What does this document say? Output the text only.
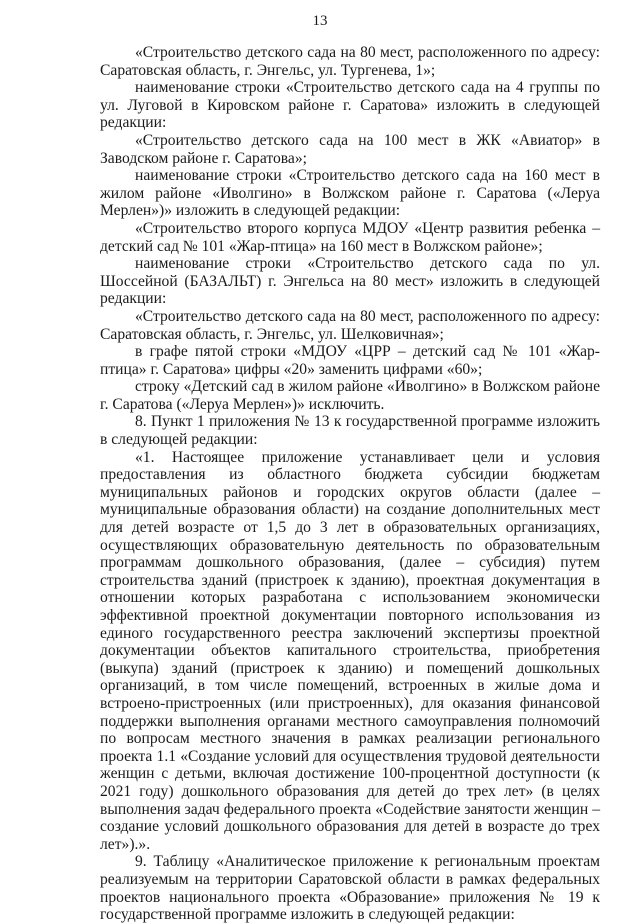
13

«Строительство детского сада на 80 мест, расположенного по адресу: Саратовская область, г. Энгельс, ул. Тургенева, 1»;

наименование строки «Строительство детского сада на 4 группы по ул. Луговой в Кировском районе г. Саратова» изложить в следующей редакции:

«Строительство детского сада на 100 мест в ЖК «Авиатор» в Заводском районе г. Саратова»;

наименование строки «Строительство детского сада на 160 мест в жилом районе «Иволгино» в Волжском районе г. Саратова («Леруа Мерлен»)» изложить в следующей редакции:

«Строительство второго корпуса МДОУ «Центр развития ребенка – детский сад № 101 «Жар-птица» на 160 мест в Волжском районе»;

наименование строки «Строительство детского сада по ул. Шоссейной (БАЗАЛЬТ) г. Энгельса на 80 мест» изложить в следующей редакции:

«Строительство детского сада на 80 мест, расположенного по адресу: Саратовская область, г. Энгельс, ул. Шелковичная»;

в графе пятой строки «МДОУ «ЦРР – детский сад № 101 «Жар-птица» г. Саратова» цифры «20» заменить цифрами «60»;

строку «Детский сад в жилом районе «Иволгино» в Волжском районе г. Саратова («Леруа Мерлен»)» исключить.

8. Пункт 1 приложения № 13 к государственной программе изложить в следующей редакции:

«1. Настоящее приложение устанавливает цели и условия предоставления из областного бюджета субсидии бюджетам муниципальных районов и городских округов области (далее – муниципальные образования области) на создание дополнительных мест для детей возрасте от 1,5 до 3 лет в образовательных организациях, осуществляющих образовательную деятельность по образовательным программам дошкольного образования, (далее – субсидия) путем строительства зданий (пристроек к зданию), проектная документация в отношении которых разработана с использованием экономически эффективной проектной документации повторного использования из единого государственного реестра заключений экспертизы проектной документации объектов капитального строительства, приобретения (выкупа) зданий (пристроек к зданию) и помещений дошкольных организаций, в том числе помещений, встроенных в жилые дома и встроено-пристроенных (или пристроенных), для оказания финансовой поддержки выполнения органами местного самоуправления полномочий по вопросам местного значения в рамках реализации регионального проекта 1.1 «Создание условий для осуществления трудовой деятельности женщин с детьми, включая достижение 100-процентной доступности (к 2021 году) дошкольного образования для детей до трех лет» (в целях выполнения задач федерального проекта «Содействие занятости женщин – создание условий дошкольного образования для детей в возрасте до трех лет»).».

9. Таблицу «Аналитическое приложение к региональным проектам реализуемым на территории Саратовской области в рамках федеральных проектов национального проекта «Образование» приложения № 19 к государственной программе изложить в следующей редакции:
